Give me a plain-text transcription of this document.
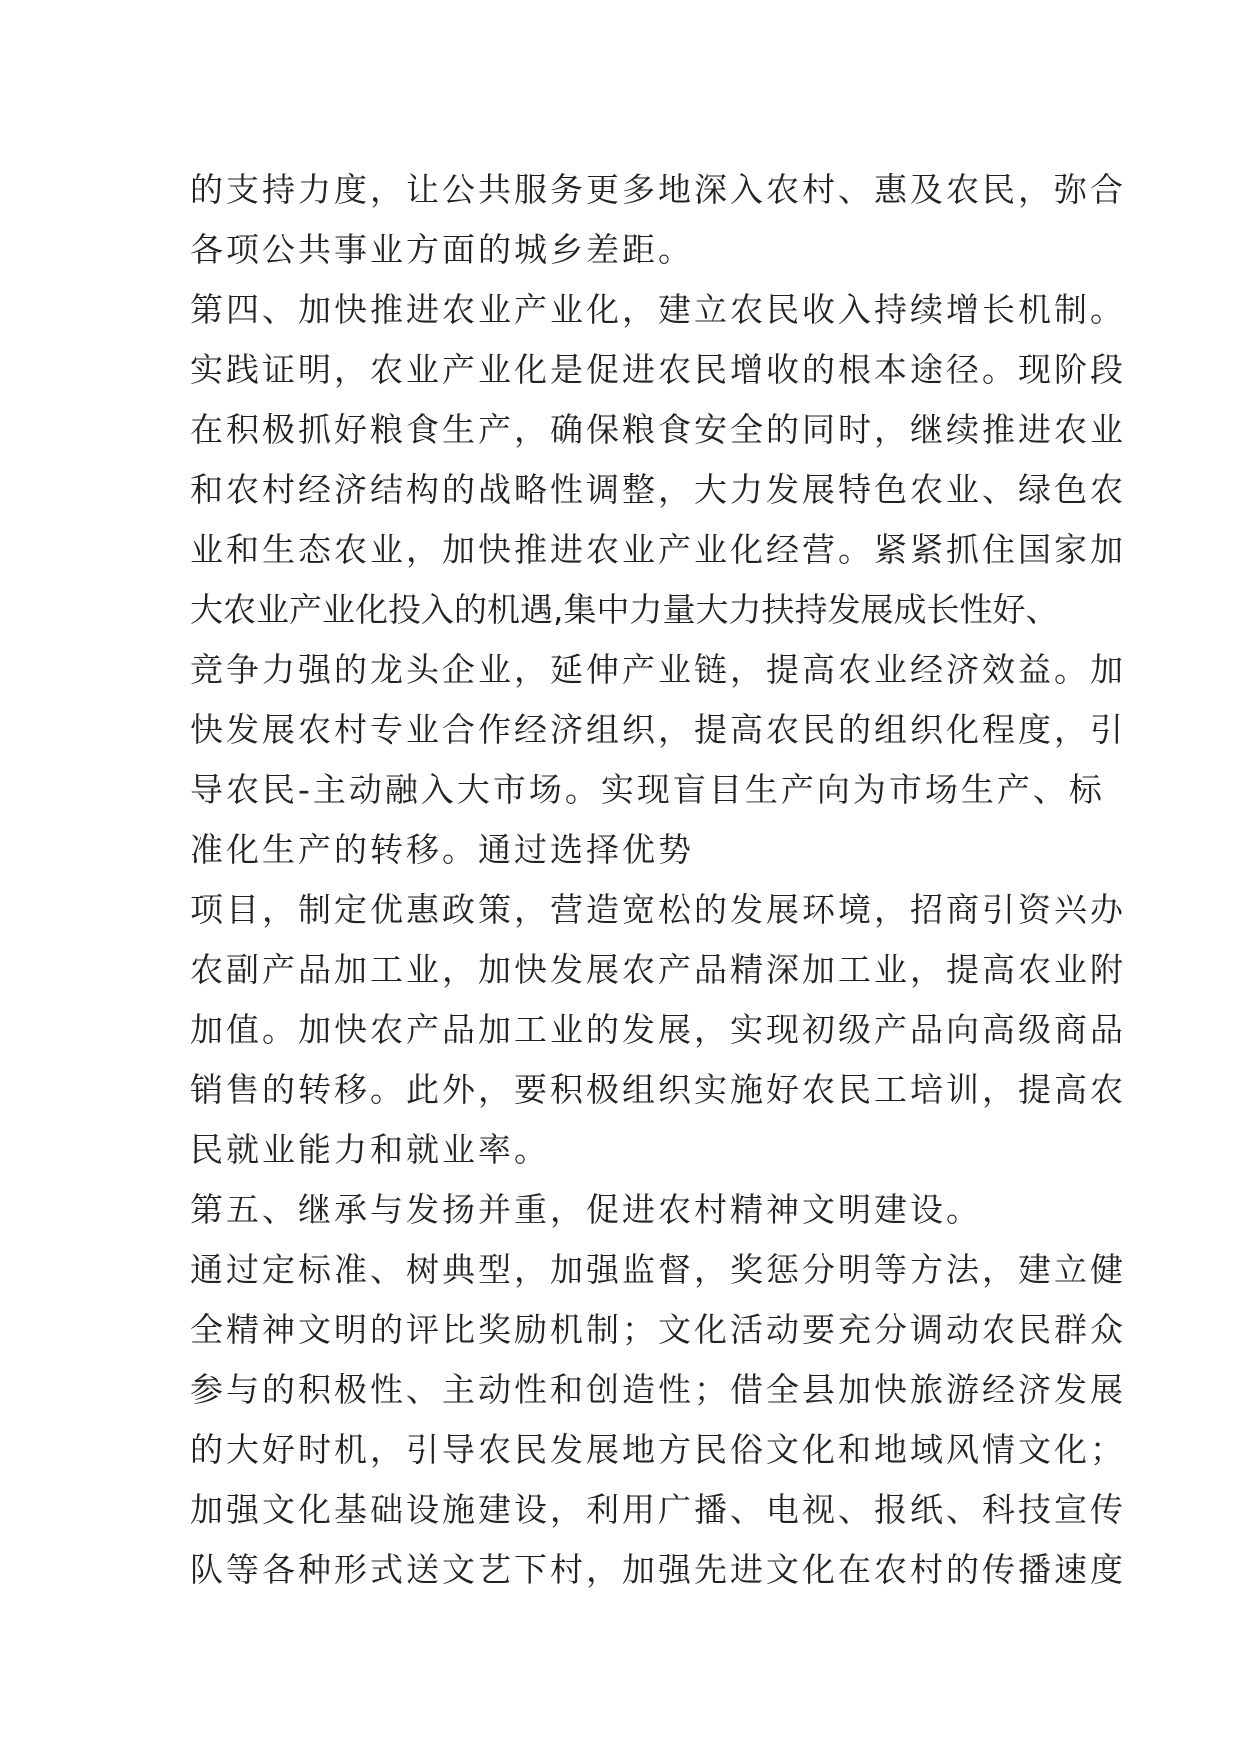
的支持力度，让公共服务更多地深入农村、惠及农民，弥合
各项公共事业方面的城乡差距。
第四、加快推进农业产业化，建立农民收入持续增长机制。
实践证明，农业产业化是促进农民增收的根本途径。现阶段
在积极抓好粮食生产，确保粮食安全的同时，继续推进农业
和农村经济结构的战略性调整，大力发展特色农业、绿色农
业和生态农业，加快推进农业产业化经营。紧紧抓住国家加
大农业产业化投入的机遇,集中力量大力扶持发展成长性好、
竞争力强的龙头企业，延伸产业链，提高农业经济效益。加
快发展农村专业合作经济组织，提高农民的组织化程度，引
导农民-主动融入大市场。实现盲目生产向为市场生产、标
准化生产的转移。通过选择优势
项目，制定优惠政策，营造宽松的发展环境，招商引资兴办
农副产品加工业，加快发展农产品精深加工业，提高农业附
加值。加快农产品加工业的发展，实现初级产品向高级商品
销售的转移。此外，要积极组织实施好农民工培训，提高农
民就业能力和就业率。
第五、继承与发扬并重，促进农村精神文明建设。
通过定标准、树典型，加强监督，奖惩分明等方法，建立健
全精神文明的评比奖励机制；文化活动要充分调动农民群众
参与的积极性、主动性和创造性；借全县加快旅游经济发展
的大好时机，引导农民发展地方民俗文化和地域风情文化；
加强文化基础设施建设，利用广播、电视、报纸、科技宣传
队等各种形式送文艺下村，加强先进文化在农村的传播速度
